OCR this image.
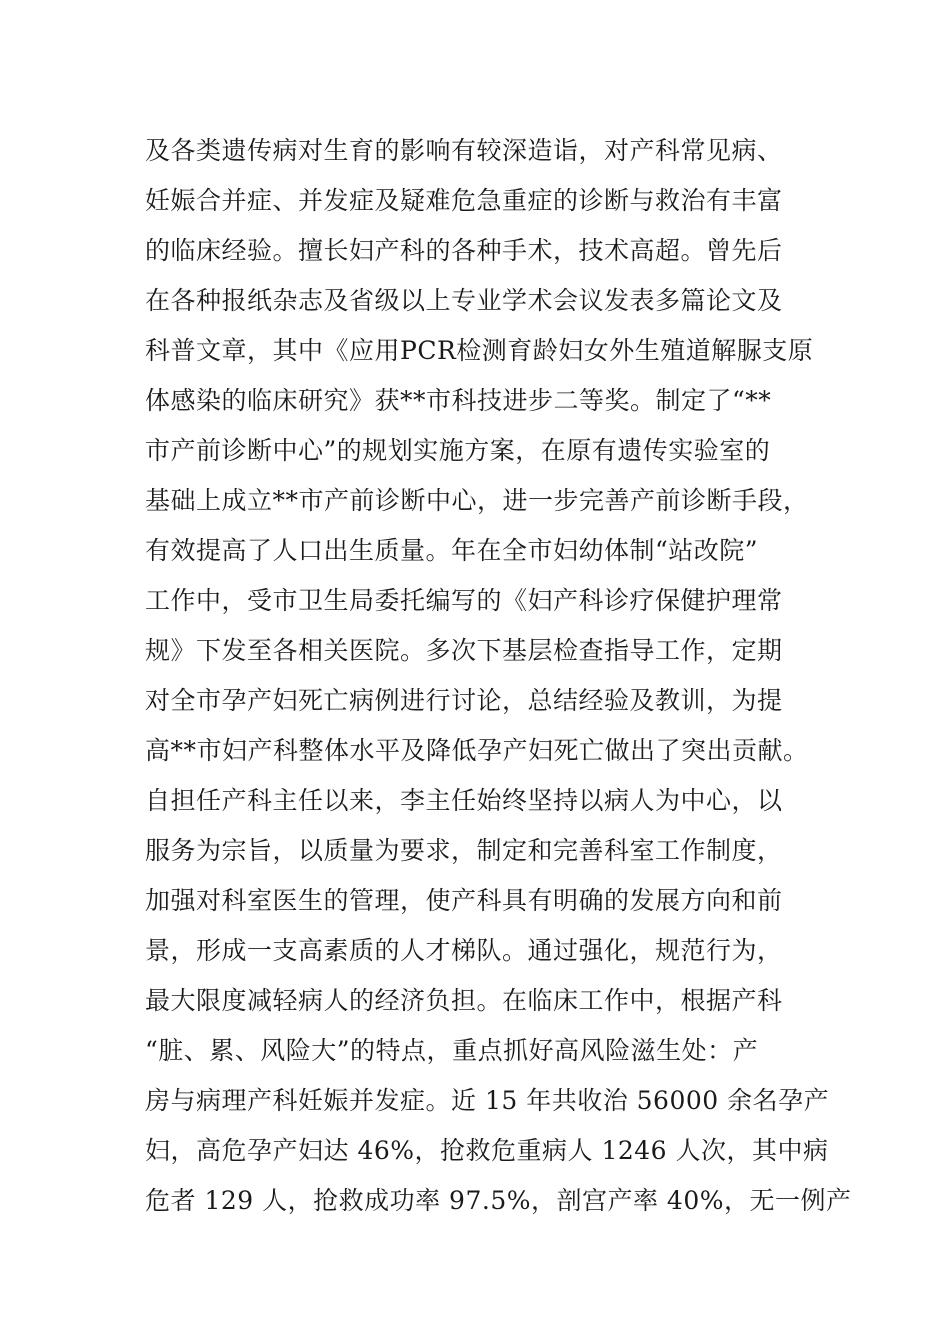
及各类遗传病对生育的影响有较深造诣，对产科常见病、
妊娠合并症、并发症及疑难危急重症的诊断与救治有丰富
的临床经验。擅长妇产科的各种手术，技术高超。曾先后
在各种报纸杂志及省级以上专业学术会议发表多篇论文及
科普文章，其中《应用PCR检测育龄妇女外生殖道解脲支原
体感染的临床研究》获**市科技进步二等奖。制定了“**
市产前诊断中心”的规划实施方案，在原有遗传实验室的
基础上成立**市产前诊断中心，进一步完善产前诊断手段，
有效提高了人口出生质量。年在全市妇幼体制“站改院”
工作中，受市卫生局委托编写的《妇产科诊疗保健护理常
规》下发至各相关医院。多次下基层检查指导工作，定期
对全市孕产妇死亡病例进行讨论，总结经验及教训，为提
高**市妇产科整体水平及降低孕产妇死亡做出了突出贡献。
自担任产科主任以来，李主任始终坚持以病人为中心，以
服务为宗旨，以质量为要求，制定和完善科室工作制度，
加强对科室医生的管理，使产科具有明确的发展方向和前
景，形成一支高素质的人才梯队。通过强化，规范行为，
最大限度减轻病人的经济负担。在临床工作中，根据产科
“脏、累、风险大”的特点，重点抓好高风险滋生处：产
房与病理产科妊娠并发症。近 15 年共收治 56000 余名孕产
妇，高危孕产妇达 46%，抢救危重病人 1246 人次，其中病
危者 129 人，抢救成功率 97.5%，剖宫产率 40%，无一例产
